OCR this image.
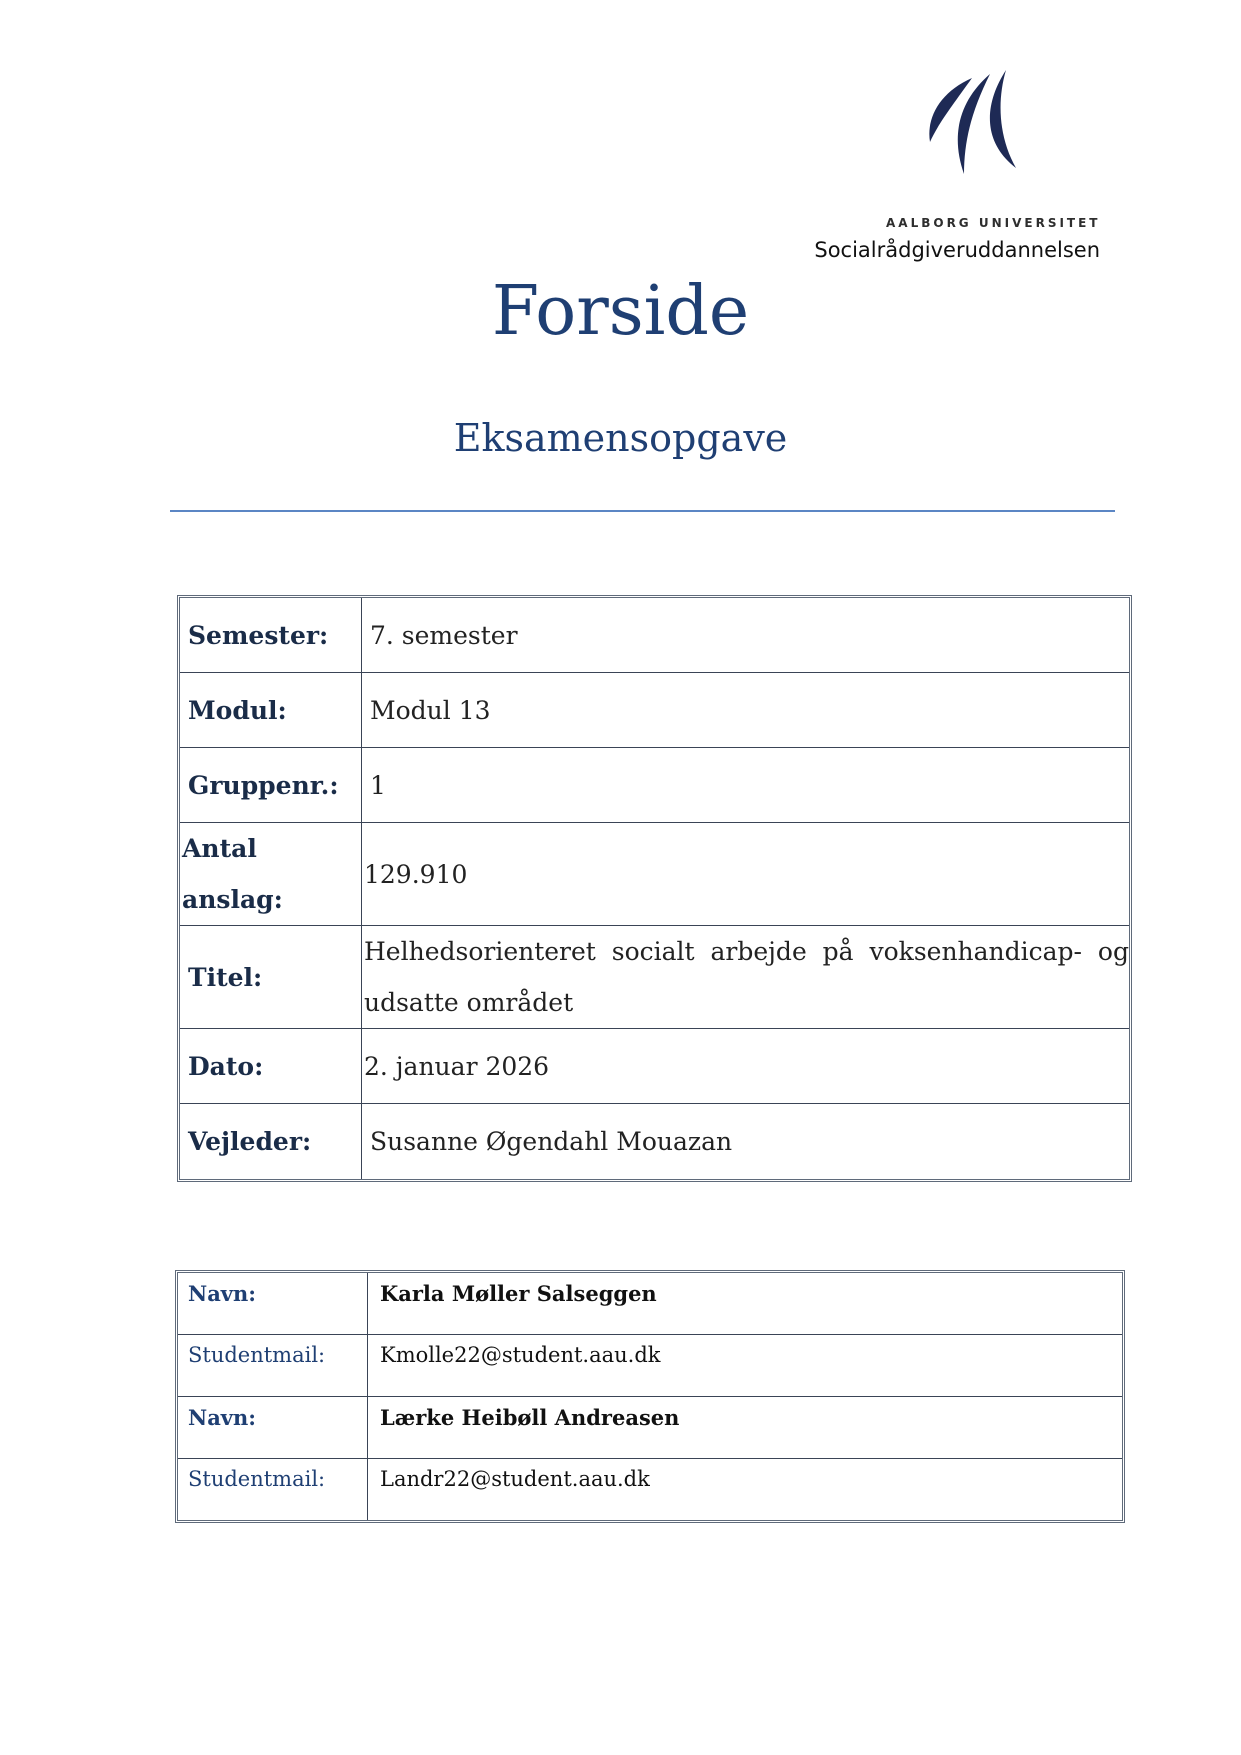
AALBORG UNIVERSITET
Socialrådgiveruddannelsen
Forside
Eksamensopgave
Semester:	7. semester
Modul:	Modul 13
Gruppenr.:	1
Antal anslag:	129.910
Titel:	Helhedsorienteret socialt arbejde på voksenhandicap- og udsatte området
Dato:	2. januar 2026
Vejleder:	Susanne Øgendahl Mouazan
Navn:	Karla Møller Salseggen
Studentmail:	Kmolle22@student.aau.dk
Navn:	Lærke Heibøll Andreasen
Studentmail:	Landr22@student.aau.dk
